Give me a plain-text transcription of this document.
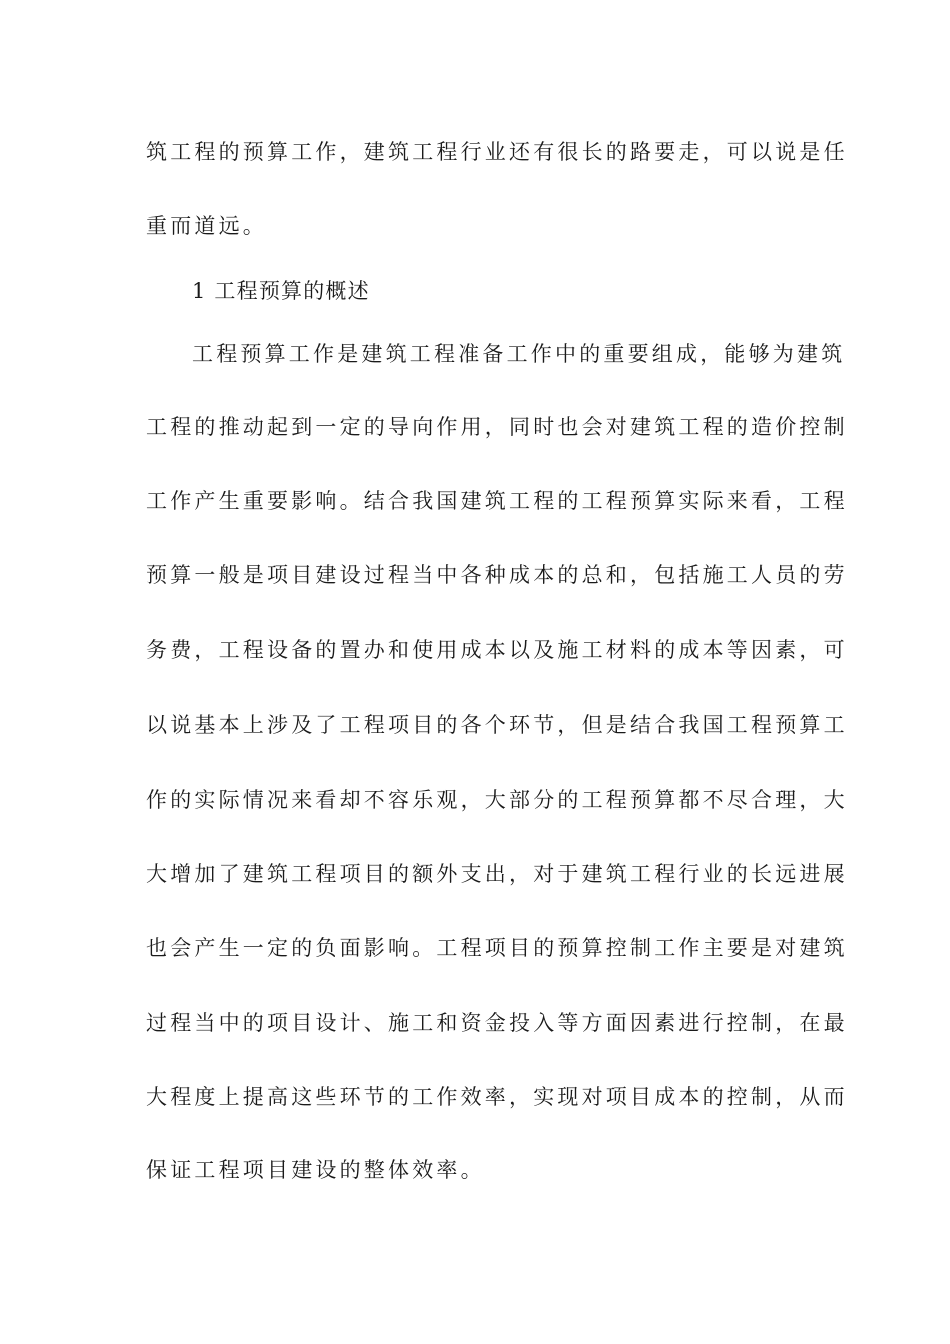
筑工程的预算工作，建筑工程行业还有很长的路要走，可以说是任
重而道远。
1 工程预算的概述
工程预算工作是建筑工程准备工作中的重要组成，能够为建筑
工程的推动起到一定的导向作用，同时也会对建筑工程的造价控制
工作产生重要影响。结合我国建筑工程的工程预算实际来看，工程
预算一般是项目建设过程当中各种成本的总和，包括施工人员的劳
务费，工程设备的置办和使用成本以及施工材料的成本等因素，可
以说基本上涉及了工程项目的各个环节，但是结合我国工程预算工
作的实际情况来看却不容乐观，大部分的工程预算都不尽合理，大
大增加了建筑工程项目的额外支出，对于建筑工程行业的长远进展
也会产生一定的负面影响。工程项目的预算控制工作主要是对建筑
过程当中的项目设计、施工和资金投入等方面因素进行控制，在最
大程度上提高这些环节的工作效率，实现对项目成本的控制，从而
保证工程项目建设的整体效率。
